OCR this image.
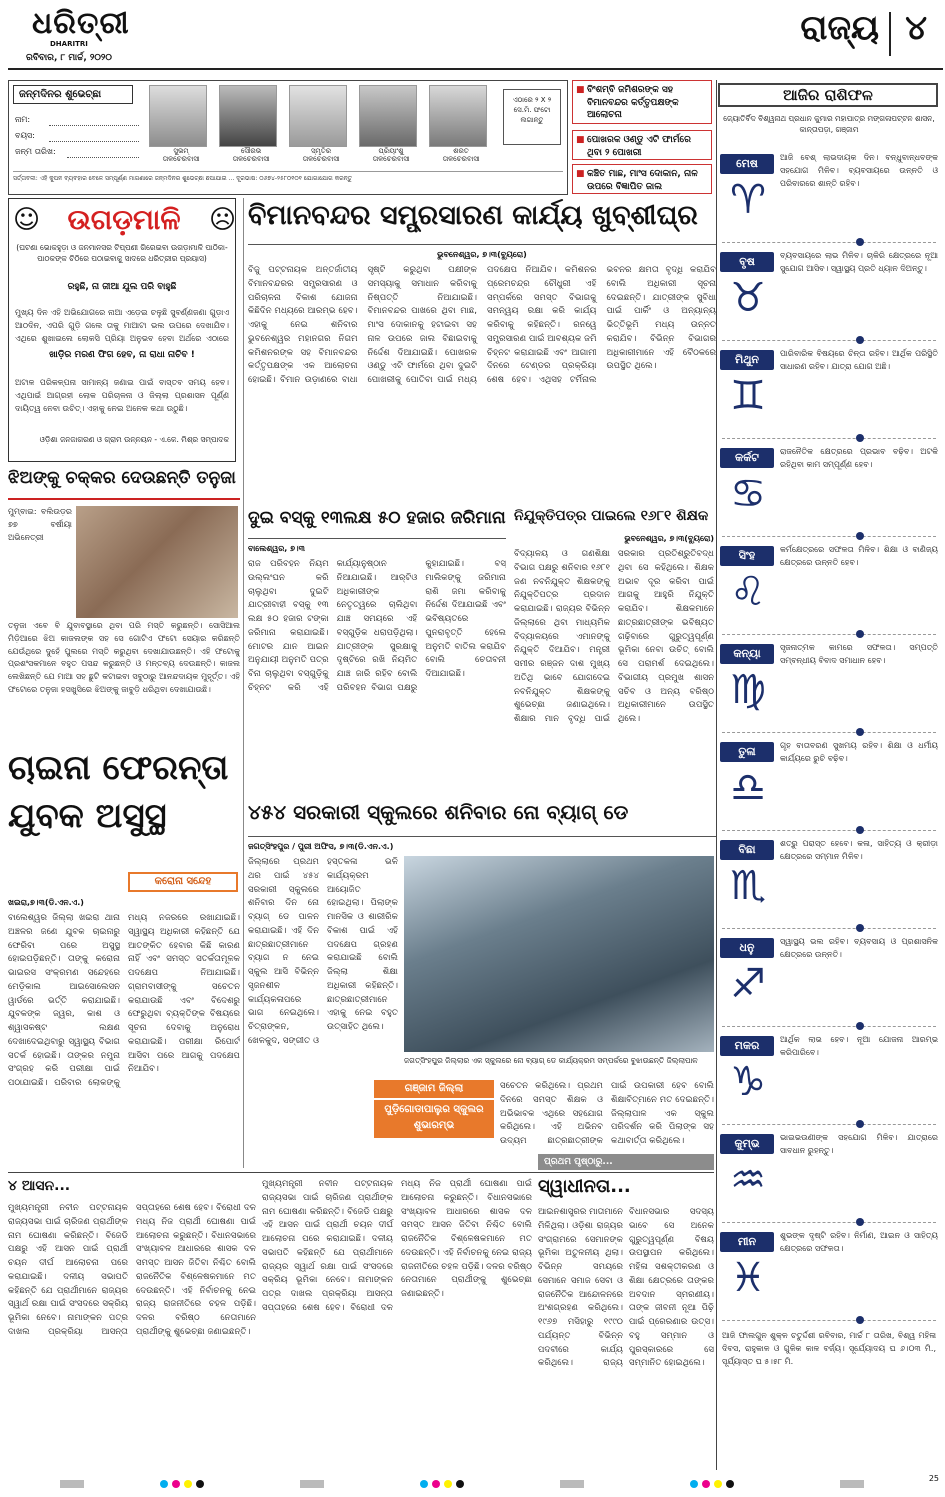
ଧରିତ୍ରୀ
DHARITRI
ରବିବାର, ୮ ମାର୍ଚ୍ଚ, ୨୦୨୦
ରାଜ୍ୟ ୪
ଜନ୍ମଦିନର ଶୁଭେଚ୍ଛା
ନାମ:
ବୟସ:
ଜନ୍ମ ତାରିଖ:	ସୁଭମ୍
ତାଳଚେରବାସୀ
ସୌରଭ
ତାଳଚେରବାସୀ
ସ୍ମୃତିର
ତାଳଚେରବାସୀ
ପ୍ରିୟାଂଶୁ
ତାଳଚେରବାସୀ
ଶରତ
ତାଳଚେରବାସୀ
ଏଠାରେ ୨ X ୨ ସେ.ମି. ଫଟୋ ଲଗାନ୍ତୁ
ସର୍ତ୍ତାବଳୀ: ଏହି କୁପନ ବ୍ୟବହାର ବେଳେ ସମ୍ପୂର୍ଣ୍ଣ ମାଗଣାରେ ଜନ୍ମଦିନର ଶୁଭେଚ୍ଛା ଛପାଯାଇ ... ଦୂରଭାଷ: ୦୬୭୪-୨୫୮୦୧୦୧ ଯୋଗାଯୋଗ କରନ୍ତୁ
■ ବିଂଶମ୍ବି ଜମିଶରଙ୍କ ସହ ବିମାନବନ୍ଦର କର୍ତ୍ତୃପକ୍ଷଙ୍କ ଆଲୋଚନା
■ ପୋଖରକ ଓଣ୍ଡୁ ଏଟି ଫାର୍ମରେ ଥିବା ୨ ପୋଖରୀ
■ କଞ୍ଚିତ ମାଛ, ମାଂସ ଦୋକାନ, ନାଳ ଉପରେ ବିଜ୍ଞାପିତ ଜାଲ
☺ ଉଗଡ଼ମାଳି	☹
(ଘଟଣା ଭୋକହୁଡ଼ା ଓ ଜନମାନସର ଟିପ୍ପଣୀ ଗିରେଇବା ଉଗଡ଼ାମାଳି ପାଠିକା-ପାଠକଙ୍କ ଚିଠିରେ ପଠାଇବାକୁ ସାଦରେ ଧରିତ୍ରୀର ପ୍ରୟାସ)
ରହୁଛି, ନା ଜୀଆ ଯୁଲ ପରି ବାହୁଛି
ମୁଖ୍ୟ ଦିନ ଏହି ଅଭିଯୋଗରେ ନାଆ ଏଡ଼େଇ ଚଳୁଛି ସୁବର୍ଣ୍ଣଜଣା ଗୁଡ଼ାଏ ଆଠଦିନ, ଏପରି ଗୁଡ଼ି ଗଲେ ତାକୁ ମାଆଟା ଭଲ ଉପରେ ଦେଖାଯିବ। ଏଥିରେ ଶୁଖାଇଲେ ଲୋକସି ପ୍ରିୟା ଅନୁଭବ ହେବା ଅର୍ଥରେ ଏଠାରେ
ଖାଡ଼ିର ମରଣ ଫିଗ ହେବ, ନା ରାଧା ନାଚିବ !
ଅଟାଳ ପରିକଳ୍ପନା ସାମାନ୍ୟ ଜଣାଇ ପାଇଁ ବାସ୍ତବ ସମୟ ହେବ। ଏଥିପାଇଁ ଆଗ୍ରହୀ ଲୋକ ପରିଚାଳନା ଓ ଜିଲ୍ଲା ପ୍ରଶାସନ ପୂର୍ଣ୍ଣ ଦାୟିତ୍ୱ ନେବା ଉଚିତ୍। ଏହାକୁ ନେଇ ଅନେକ କଥା ଉଠୁଛି।
ଓଡ଼ିଶା ଜନଜାଗରଣ ଓ ଗ୍ରାମ ଉନ୍ନୟନ - ଏ.କେ. ମିଶ୍ର ସମ୍ପାଦକ
ଝିଅଙ୍କୁ ଚକ୍କର ଦେଉଛନ୍ତି ତନୁଜା
ମୁମ୍ବାଇ: ବଲିଉଡ଼ର ୭୭ ବର୍ଷୀୟା ଅଭିନେତ୍ରୀ
ତନୁଜା ଏବେ ବି ଯୁବାବସ୍ଥାରେ ଥିବା ପରି ମସ୍ତି କରୁଛନ୍ତି। ସୋସିଆଲ ମିଡ଼ିଆରେ ଝିଅ କାଜଲଙ୍କ ସହ ସେ ଗୋଟିଏ ଫଟୋ ସେୟାର କରିଛନ୍ତି ଯେଉଁଥିରେ ଦୁହେଁ ପୁଲରେ ମସ୍ତି କରୁଥିବା ଦେଖାଯାଉଛନ୍ତି। ଏହି ଫଟୋକୁ ପ୍ରଶଂସକମାନେ ବହୁତ ପସନ୍ଦ କରୁଛନ୍ତି ଓ ମନ୍ତବ୍ୟ ଦେଉଛନ୍ତି। କାଜଲ ଲେଖିଛନ୍ତି ଯେ ମାଆ ସହ ଛୁଟି କଟାଇବା ସବୁଠାରୁ ଆନନ୍ଦଦାୟକ ମୁହୂର୍ତ୍ତ। ଏହି ଫଟୋରେ ତନୁଜା ହସଖୁସିରେ ଝିଅଙ୍କୁ ଜାବୁଡ଼ି ଧରିଥିବା ଦେଖାଯାଉଛି।
ବିମାନବନ୍ଦର ସମ୍ପ୍ରସାରଣ କାର୍ଯ୍ୟ ଖୁବ୍‌ଶୀଘ୍ର
ଭୁବନେଶ୍ୱର, ୭।୩(ବ୍ୟୁରୋ)
ବିଜୁ ପଟ୍ଟନାୟକ ଅନ୍ତର୍ଜାତୀୟ ବିମାନବନ୍ଦରର ସମ୍ପ୍ରସାରଣ ଓ ପରିଚାଳନା ବିକାଶ ଯୋଜନା କିଛିଦିନ ମଧ୍ୟରେ ଆରମ୍ଭ ହେବ। ଏହାକୁ ନେଇ ଶନିବାର ଭୁବନେଶ୍ୱର ମହାନଗର ନିଗମ କମିଶନରଙ୍କ ସହ ବିମାନବନ୍ଦର କର୍ତ୍ତୃପକ୍ଷଙ୍କ ଏକ ଆଲୋଚନା ହୋଇଛି। ବିମାନ ଉଡ଼ାଣରେ ବାଧା ସୃଷ୍ଟି କରୁଥିବା ପକ୍ଷୀଙ୍କ ସମସ୍ୟାକୁ ସମାଧାନ କରିବାକୁ ନିଷ୍ପତ୍ତି ନିଆଯାଇଛି। ବିମାନବନ୍ଦର ପାଖରେ ଥିବା ମାଛ, ମାଂସ ଦୋକାନକୁ ହଟାଇବା ସହ ନାଳ ଉପରେ ଜାଲ ବିଛାଇବାକୁ ନିର୍ଦ୍ଦେଶ ଦିଆଯାଇଛି। ପୋଖରକ ଓଣ୍ଡୁ ଏଟି ଫାର୍ମରେ ଥିବା ଦୁଇଟି ପୋଖରୀକୁ ପୋତିବା ପାଇଁ ମଧ୍ୟ ପଦକ୍ଷେପ ନିଆଯିବ। କମିଶନର ପ୍ରେମଚନ୍ଦ୍ର ଚୌଧୁରୀ ଏହି ସମ୍ପର୍କରେ ସମସ୍ତ ବିଭାଗକୁ ସମନ୍ୱୟ ରକ୍ଷା କରି କାର୍ଯ୍ୟ କରିବାକୁ କହିଛନ୍ତି। ରନୱେ ସମ୍ପ୍ରସାରଣ ପାଇଁ ଆବଶ୍ୟକ ଜମି ଚିହ୍ନଟ କରାଯାଇଛି ଏବଂ ଆଗାମୀ ଦିନରେ ଟେଣ୍ଡର ପ୍ରକ୍ରିୟା ଶେଷ ହେବ। ଏଥିସହ ଟର୍ମିନାଲ ଭବନର କ୍ଷମତା ବୃଦ୍ଧି କରାଯିବ ବୋଲି ଅଧିକାରୀ ସୂଚନା ଦେଇଛନ୍ତି। ଯାତ୍ରୀଙ୍କ ସୁବିଧା ପାଇଁ ପାର୍କିଂ ଓ ଅନ୍ୟାନ୍ୟ ଭିତ୍ତିଭୂମି ମଧ୍ୟ ଉନ୍ନତ କରାଯିବ। ବିଭିନ୍ନ ବିଭାଗର ଅଧିକାରୀମାନେ ଏହି ବୈଠକରେ ଉପସ୍ଥିତ ଥିଲେ।
ଦୁଇ ବସ୍‌କୁ ୧୩ଲକ୍ଷ ୫୦ ହଜାର ଜରିମାନା
ବାଲେଶ୍ୱର, ୭।୩
ରାଜ ପରିବହନ ନିୟମ ଉଲ୍ଲଂଘନ କରି ଚାଲୁଥିବା ଦୁଇଟି ଯାତ୍ରୀବାହୀ ବସ୍‌କୁ ୧୩ ଲକ୍ଷ ୫୦ ହଜାର ଟଙ୍କା ଜରିମାନା କରାଯାଇଛି। ମୋଟର ଯାନ ଆଇନ ଅନୁଯାୟୀ ଅନୁମତି ପତ୍ର ବିନା ଚାଲୁଥିବା ବସ୍‌ଗୁଡ଼ିକୁ ଚିହ୍ନଟ କରି ଏହି କାର୍ଯ୍ୟାନୁଷ୍ଠାନ ନିଆଯାଇଛି। ଆର୍‌ଟିଓ ଅଧିକାରୀଙ୍କ ନେତୃତ୍ୱରେ ଚାଲିଥିବା ଯାଞ୍ଚ ସମୟରେ ଏହି ବସ୍‌ଗୁଡ଼ିକ ଧରାପଡ଼ିଥିଲା। ଯାତ୍ରୀଙ୍କ ସୁରକ୍ଷାକୁ ଦୃଷ୍ଟିରେ ରଖି ନିୟମିତ ଯାଞ୍ଚ ଜାରି ରହିବ ବୋଲି ପରିବହନ ବିଭାଗ ପକ୍ଷରୁ କୁହାଯାଇଛି। ବସ୍ ମାଲିକଙ୍କୁ ଜରିମାନା ରାଶି ଜମା କରିବାକୁ ନିର୍ଦ୍ଦେଶ ଦିଆଯାଇଛି ଏବଂ ଭବିଷ୍ୟତରେ ପୁନରାବୃତ୍ତି ହେଲେ ଅନୁମତି ବାତିଲ କରାଯିବ ବୋଲି ଚେତାବନୀ ଦିଆଯାଇଛି।
ନିଯୁକ୍ତିପତ୍ର ପାଇଲେ ୧୬୮୧ ଶିକ୍ଷକ
ଭୁବନେଶ୍ୱର, ୭।୩(ବ୍ୟୁରୋ)
ବିଦ୍ୟାଳୟ ଓ ଗଣଶିକ୍ଷା ବିଭାଗ ପକ୍ଷରୁ ଶନିବାର ୧୬୮୧ ଜଣ ନବନିଯୁକ୍ତ ଶିକ୍ଷକଙ୍କୁ ନିଯୁକ୍ତିପତ୍ର ପ୍ରଦାନ କରାଯାଇଛି। ରାଜ୍ୟର ବିଭିନ୍ନ ଜିଲ୍ଲାରେ ଥିବା ମାଧ୍ୟମିକ ବିଦ୍ୟାଳୟରେ ଏମାନଙ୍କୁ ନିଯୁକ୍ତି ଦିଆଯିବ। ମନ୍ତ୍ରୀ ସମୀର ରଞ୍ଜନ ଦାଶ ମୁଖ୍ୟ ଅତିଥି ଭାବେ ଯୋଗଦେଇ ନବନିଯୁକ୍ତ ଶିକ୍ଷକଙ୍କୁ ଶୁଭେଚ୍ଛା ଜଣାଇଥିଲେ। ଶିକ୍ଷାର ମାନ ବୃଦ୍ଧି ପାଇଁ ସରକାର ପ୍ରତିଶ୍ରୁତିବଦ୍ଧ ଥିବା ସେ କହିଥିଲେ। ଶିକ୍ଷକ ଅଭାବ ଦୂର କରିବା ପାଇଁ ଆଗକୁ ଆହୁରି ନିଯୁକ୍ତି କରାଯିବ। ଶିକ୍ଷକମାନେ ଛାତ୍ରଛାତ୍ରୀଙ୍କ ଭବିଷ୍ୟତ ଗଢ଼ିବାରେ ଗୁରୁତ୍ୱପୂର୍ଣ୍ଣ ଭୂମିକା ନେବା ଉଚିତ୍ ବୋଲି ସେ ପରାମର୍ଶ ଦେଇଥିଲେ। ବିଭାଗୀୟ ପ୍ରମୁଖ ଶାସନ ସଚିବ ଓ ଅନ୍ୟ ବରିଷ୍ଠ ଅଧିକାରୀମାନେ ଉପସ୍ଥିତ ଥିଲେ।
ଚାଇନା ଫେରନ୍ତା
ଯୁବକ ଅସୁସ୍ଥ
କରୋନା ସନ୍ଦେହ
ଖଇରା,୭।୩(ଡି.ଏନ.ଏ.)
ବାଲେଶ୍ୱର ଜିଲ୍ଲା ଖଇରା ଥାନା ଅଞ୍ଚଳର ଜଣେ ଯୁବକ ଚାଇନାରୁ ଫେରିବା ପରେ ଅସୁସ୍ଥ ହୋଇପଡ଼ିଛନ୍ତି। ତାଙ୍କୁ କରୋନା ଭାଇରସ ସଂକ୍ରମଣ ସନ୍ଦେହରେ ମେଡ଼ିକାଲ ଆଇସୋଲେସନ ୱାର୍ଡରେ ଭର୍ତ୍ତି କରାଯାଇଛି। ଯୁବକଙ୍କ ଜ୍ୱର, କାଶ ଓ ଶ୍ୱାସକଷ୍ଟ ଲକ୍ଷଣ ଦେଖାଦେଇଥିବାରୁ ସ୍ୱାସ୍ଥ୍ୟ ବିଭାଗ ସତର୍କ ହୋଇଛି। ତାଙ୍କର ନମୁନା ସଂଗ୍ରହ କରି ପରୀକ୍ଷା ପାଇଁ ପଠାଯାଇଛି। ପରିବାର ଲୋକଙ୍କୁ ମଧ୍ୟ ନଜରରେ ରଖାଯାଇଛି। ସ୍ୱାସ୍ଥ୍ୟ ଅଧିକାରୀ କହିଛନ୍ତି ଯେ ଆତଙ୍କିତ ହେବାର କିଛି କାରଣ ନାହିଁ ଏବଂ ସମସ୍ତ ସତର୍କତାମୂଳକ ପଦକ୍ଷେପ ନିଆଯାଇଛି। ଗ୍ରାମବାସୀଙ୍କୁ ସଚେତନ କରାଯାଉଛି ଏବଂ ବିଦେଶରୁ ଫେରୁଥିବା ବ୍ୟକ୍ତିଙ୍କ ବିଷୟରେ ସୂଚନା ଦେବାକୁ ଅନୁରୋଧ କରାଯାଇଛି। ପରୀକ୍ଷା ରିପୋର୍ଟ ଆସିବା ପରେ ଆଗକୁ ପଦକ୍ଷେପ ନିଆଯିବ।
୪୫୪ ସରକାରୀ ସ୍କୁଲରେ ଶନିବାର ନୋ ବ୍ୟାଗ୍ ଡେ
ଜଗତ୍‌ସିଂହପୁର / ପୁରୀ ଅଫିସ, ୭।୩(ଡି.ଏନ.ଏ.)
ଜିଲ୍ଲାରେ ପ୍ରଥମ ଥର ପାଇଁ ୪୫୪ ସରକାରୀ ସ୍କୁଲରେ ଶନିବାର ଦିନ ନୋ ବ୍ୟାଗ୍ ଡେ ପାଳନ କରାଯାଇଛି। ଏହି ଦିନ ଛାତ୍ରଛାତ୍ରୀମାନେ ବ୍ୟାଗ ନ ନେଇ ସ୍କୁଲ ଆସି ବିଭିନ୍ନ ସୃଜନଶୀଳ କାର୍ଯ୍ୟକଳାପରେ ଭାଗ ନେଇଥିଲେ। ଚିତ୍ରାଙ୍କନ, ଖେଳକୁଦ, ସଙ୍ଗୀତ ଓ ହସ୍ତକଳା ଭଳି କାର୍ଯ୍ୟକ୍ରମ ଆୟୋଜିତ ହୋଇଥିଲା। ପିଲାଙ୍କ ମାନସିକ ଓ ଶାରୀରିକ ବିକାଶ ପାଇଁ ଏହି ପଦକ୍ଷେପ ଗ୍ରହଣ କରାଯାଇଛି ବୋଲି ଜିଲ୍ଲା ଶିକ୍ଷା ଅଧିକାରୀ କହିଛନ୍ତି। ଛାତ୍ରଛାତ୍ରୀମାନେ ଏହାକୁ ନେଇ ବହୁତ ଉତ୍ସାହିତ ଥିଲେ।
ଜଗତ୍‌ସିଂହପୁର ଜିଲ୍ଲାର ଏକ ସ୍କୁଲରେ ନୋ ବ୍ୟାଗ୍ ଡେ କାର୍ଯ୍ୟକ୍ରମ ସମ୍ପର୍କରେ ବୁଝାଉଛନ୍ତି ଜିଲ୍ଲାପାଳ
ଗଞ୍ଜାମ ଜିଲ୍ଲା
ପୁଡ଼ିଗୋଡାପାଲୁର ସ୍କୁଲର ଶୁଭାରମ୍ଭ
ସଚେତନ କରିଥିଲେ। ପ୍ରଥମ ଦିନରେ ସମସ୍ତ ଶିକ୍ଷକ ଓ ଅଭିଭାବକ ଏଥିରେ ସହଯୋଗ କରିଥିଲେ। ଏହି ଅଭିନବ ଉଦ୍ୟମ ଛାତ୍ରଛାତ୍ରୀଙ୍କ ପାଇଁ ଉପକାରୀ ହେବ ବୋଲି ଶିକ୍ଷାବିତ୍‌ମାନେ ମତ ଦେଇଛନ୍ତି। ଜିଲ୍ଲାପାଳ ଏକ ସ୍କୁଲ ପରିଦର୍ଶନ କରି ପିଲାଙ୍କ ସହ କଥାବାର୍ତ୍ତା କରିଥିଲେ।
୪ ଆସନ...
ମୁଖ୍ୟମନ୍ତ୍ରୀ ନବୀନ ପଟ୍ଟନାୟକ ରାଜ୍ୟସଭା ପାଇଁ ଚାରିଜଣ ପ୍ରାର୍ଥୀଙ୍କ ନାମ ଘୋଷଣା କରିଛନ୍ତି। ବିଜେଡି ପକ୍ଷରୁ ଏହି ଆସନ ପାଇଁ ପ୍ରାର୍ଥୀ ଚୟନ ଦୀର୍ଘ ଆଲୋଚନା ପରେ କରାଯାଇଛି। ଦଳୀୟ ସଭାପତି କହିଛନ୍ତି ଯେ ପ୍ରାର୍ଥୀମାନେ ରାଜ୍ୟର ସ୍ୱାର୍ଥ ରକ୍ଷା ପାଇଁ ସଂସଦରେ ସକ୍ରିୟ ଭୂମିକା ନେବେ। ନାମାଙ୍କନ ପତ୍ର ଦାଖଲ ପ୍ରକ୍ରିୟା ଆସନ୍ତା ସପ୍ତାହରେ ଶେଷ ହେବ। ବିରୋଧୀ ଦଳ ମଧ୍ୟ ନିଜ ପ୍ରାର୍ଥୀ ଘୋଷଣା ପାଇଁ ଆଲୋଚନା କରୁଛନ୍ତି। ବିଧାନସଭାରେ ସଂଖ୍ୟାବଳ ଆଧାରରେ ଶାସକ ଦଳ ସମସ୍ତ ଆସନ ଜିତିବା ନିଶ୍ଚିତ ବୋଲି ରାଜନୈତିକ ବିଶ୍ଳେଷକମାନେ ମତ ଦେଉଛନ୍ତି। ଏହି ନିର୍ବାଚନକୁ ନେଇ ରାଜ୍ୟ ରାଜନୀତିରେ ଚହଳ ପଡ଼ିଛି। ଦଳର ବରିଷ୍ଠ ନେତାମାନେ ପ୍ରାର୍ଥୀଙ୍କୁ ଶୁଭେଚ୍ଛା ଜଣାଇଛନ୍ତି।
ମୁଖ୍ୟମନ୍ତ୍ରୀ ନବୀନ ପଟ୍ଟନାୟକ ରାଜ୍ୟସଭା ପାଇଁ ଚାରିଜଣ ପ୍ରାର୍ଥୀଙ୍କ ନାମ ଘୋଷଣା କରିଛନ୍ତି। ବିଜେଡି ପକ୍ଷରୁ ଏହି ଆସନ ପାଇଁ ପ୍ରାର୍ଥୀ ଚୟନ ଦୀର୍ଘ ଆଲୋଚନା ପରେ କରାଯାଇଛି। ଦଳୀୟ ସଭାପତି କହିଛନ୍ତି ଯେ ପ୍ରାର୍ଥୀମାନେ ରାଜ୍ୟର ସ୍ୱାର୍ଥ ରକ୍ଷା ପାଇଁ ସଂସଦରେ ସକ୍ରିୟ ଭୂମିକା ନେବେ। ନାମାଙ୍କନ ପତ୍ର ଦାଖଲ ପ୍ରକ୍ରିୟା ଆସନ୍ତା ସପ୍ତାହରେ ଶେଷ ହେବ। ବିରୋଧୀ ଦଳ ମଧ୍ୟ ନିଜ ପ୍ରାର୍ଥୀ ଘୋଷଣା ପାଇଁ ଆଲୋଚନା କରୁଛନ୍ତି। ବିଧାନସଭାରେ ସଂଖ୍ୟାବଳ ଆଧାରରେ ଶାସକ ଦଳ ସମସ୍ତ ଆସନ ଜିତିବା ନିଶ୍ଚିତ ବୋଲି ରାଜନୈତିକ ବିଶ୍ଳେଷକମାନେ ମତ ଦେଉଛନ୍ତି। ଏହି ନିର୍ବାଚନକୁ ନେଇ ରାଜ୍ୟ ରାଜନୀତିରେ ଚହଳ ପଡ଼ିଛି। ଦଳର ବରିଷ୍ଠ ନେତାମାନେ ପ୍ରାର୍ଥୀଙ୍କୁ ଶୁଭେଚ୍ଛା ଜଣାଇଛନ୍ତି।
ପ୍ରଥମ ପୃଷ୍ଠାରୁ...
ସ୍ୱାଧୀନତା...
ଆଇନଶାସ୍ତ୍ରର ମାତାମାନେ ମିଳିଥିଲା। ଓଡ଼ିଶା ରାଜ୍ୟର ସଂଗ୍ରାମରେ ସେମାନଙ୍କ ଭୂମିକା ଅତୁଳନୀୟ ଥିଲା। ବିଭିନ୍ନ ସମୟରେ ସେମାନେ ସମାଜ ସେବା ଓ ରାଜନୈତିକ ଆନ୍ଦୋଳନରେ ଅଂଶଗ୍ରହଣ କରିଥିଲେ। ୧୯୬୭ ମସିହାରୁ ୧୯୯୦ ପର୍ଯ୍ୟନ୍ତ ବିଭିନ୍ନ ପଦବୀରେ କାର୍ଯ୍ୟ କରିଥିଲେ। ରାଜ୍ୟ ବିଧାନସଭାର ସଦସ୍ୟ ଭାବେ ସେ ଅନେକ ଗୁରୁତ୍ୱପୂର୍ଣ୍ଣ ବିଷୟ ଉପସ୍ଥାପନ କରିଥିଲେ। ମହିଳା ସଶକ୍ତୀକରଣ ଓ ଶିକ୍ଷା କ୍ଷେତ୍ରରେ ତାଙ୍କର ଅବଦାନ ସ୍ମରଣୀୟ। ତାଙ୍କ ଜୀବନୀ ନୂଆ ପିଢ଼ି ପାଇଁ ପ୍ରେରଣାର ଉତ୍ସ। ବହୁ ସମ୍ମାନ ଓ ପୁରସ୍କାରରେ ସେ ସମ୍ମାନିତ ହୋଇଥିଲେ।
ଆଜିର ରାଶିଫଳ
ଜ୍ୟୋତିର୍ବିଦ ବିଶ୍ୱନାଥ ପ୍ରଧାନ କୁମାର ମହାପାତ୍ର ମଙ୍ଗଳାପଟ୍ଟନ ଶାସନ, କାନ୍ତାପଡ଼ା, ଗଞ୍ଜାମ
ମେଷ
♈
ଆଜି ବେଶ୍ ଲାଭଦାୟକ ଦିନ। ବନ୍ଧୁବାନ୍ଧବଙ୍କ ସହଯୋଗ ମିଳିବ। ବ୍ୟବସାୟରେ ଉନ୍ନତି ଓ ପରିବାରରେ ଶାନ୍ତି ରହିବ।
ବୃଷ
♉
ବ୍ୟବସାୟରେ ଲାଭ ମିଳିବ। ଚାକିରି କ୍ଷେତ୍ରରେ ନୂଆ ସୁଯୋଗ ଆସିବ। ସ୍ୱାସ୍ଥ୍ୟ ପ୍ରତି ଧ୍ୟାନ ଦିଅନ୍ତୁ।
ମିଥୁନ
♊
ପାରିବାରିକ ବିଷୟରେ ଚିନ୍ତା ରହିବ। ଆର୍ଥିକ ପରିସ୍ଥିତି ସାଧାରଣ ରହିବ। ଯାତ୍ରା ଯୋଗ ଅଛି।
କର୍କଟ
♋
ରାଜନୈତିକ କ୍ଷେତ୍ରରେ ପ୍ରଭାବ ବଢ଼ିବ। ଅଟକି ରହିଥିବା କାମ ସମ୍ପୂର୍ଣ୍ଣ ହେବ।
ସିଂହ
♌
କର୍ମକ୍ଷେତ୍ରରେ ସଫଳତା ମିଳିବ। ଶିକ୍ଷା ଓ ବାଣିଜ୍ୟ କ୍ଷେତ୍ରରେ ଉନ୍ନତି ହେବ।
କନ୍ୟା
♍
ସୃଜନାତ୍ମକ କାମରେ ସଫଳତା। ସମ୍ପତ୍ତି ସମ୍ବନ୍ଧୀୟ ବିବାଦ ସମାଧାନ ହେବ।
ତୁଳା
♎
ଗୃହ ବାତାବରଣ ସୁଖମୟ ରହିବ। ଶିକ୍ଷା ଓ ଧର୍ମୀୟ କାର୍ଯ୍ୟରେ ରୁଚି ବଢ଼ିବ।
ବିଛା
♏
ଶତ୍ରୁ ପରାସ୍ତ ହେବେ। କଳା, ସାହିତ୍ୟ ଓ କ୍ରୀଡ଼ା କ୍ଷେତ୍ରରେ ସମ୍ମାନ ମିଳିବ।
ଧନୁ
♐
ସ୍ୱାସ୍ଥ୍ୟ ଭଲ ରହିବ। ବ୍ୟବସାୟ ଓ ପ୍ରଶାସନିକ କ୍ଷେତ୍ରରେ ଉନ୍ନତି।
ମକର
♑
ଆର୍ଥିକ ଲାଭ ହେବ। ନୂଆ ଯୋଜନା ଆରମ୍ଭ କରିପାରିବେ।
କୁମ୍ଭ
♒
ଭାଇଭଉଣୀଙ୍କ ସହଯୋଗ ମିଳିବ। ଯାତ୍ରାରେ ସାବଧାନ ରୁହନ୍ତୁ।
ମୀନ
♓
ଶୁଭଙ୍କ ଦୃଷ୍ଟି ରହିବ। ନିର୍ମାଣ, ଆଇନ ଓ ସାହିତ୍ୟ କ୍ଷେତ୍ରରେ ସଫଳତା।
ଆଜି ଫାଲଗୁନ ଶୁକ୍ଳ ଚତୁର୍ଦ୍ଦଶୀ ରବିବାର, ମାର୍ଚ୍ଚ ୮ ତାରିଖ, ବିଶ୍ୱ ମହିଳା ଦିବସ, ରାହୁକାଳ ଓ ଗୁଳିକ କାଳ ବର୍ଜ୍ୟ। ସୂର୍ଯ୍ୟୋଦୟ ଘ ୬।୦୩ ମି., ସୂର୍ଯ୍ୟାସ୍ତ ଘ ୫।୫୮ ମି.
25
